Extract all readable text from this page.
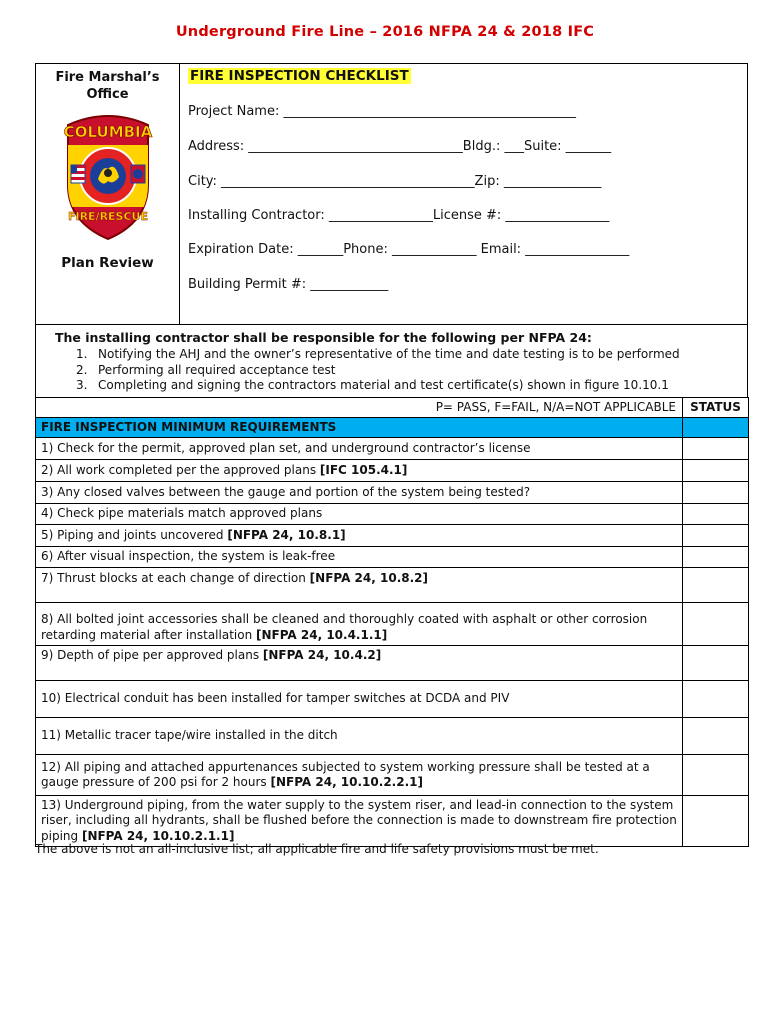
Underground Fire Line – 2016 NFPA 24 & 2018 IFC
Fire Marshal’s
Office
COLUMBIA
FIRE/RESCUE
Plan Review
FIRE INSPECTION CHECKLIST
Project Name: _____________________________________________
Address: _________________________________Bldg.: ___Suite: _______
City: _______________________________________Zip: _______________
Installing Contractor: ________________License #: ________________
Expiration Date: _______Phone: _____________ Email: ________________
Building Permit #: ____________
The installing contractor shall be responsible for the following per NFPA 24:
1. Notifying the AHJ and the owner’s representative of the time and date testing is to be performed
2. Performing all required acceptance test
3. Completing and signing the contractors material and test certificate(s) shown in figure 10.10.1
P= PASS, F=FAIL, N/A=NOT APPLICABLE	STATUS
FIRE INSPECTION MINIMUM REQUIREMENTS	
1) Check for the permit, approved plan set, and underground contractor’s license	
2) All work completed per the approved plans [IFC 105.4.1]	
3) Any closed valves between the gauge and portion of the system being tested?	
4) Check pipe materials match approved plans	
5) Piping and joints uncovered [NFPA 24, 10.8.1]	
6) After visual inspection, the system is leak-free	
7) Thrust blocks at each change of direction [NFPA 24, 10.8.2]	
8) All bolted joint accessories shall be cleaned and thoroughly coated with asphalt or other corrosion retarding material after installation [NFPA 24, 10.4.1.1]	
9) Depth of pipe per approved plans [NFPA 24, 10.4.2]	
10) Electrical conduit has been installed for tamper switches at DCDA and PIV	
11) Metallic tracer tape/wire installed in the ditch	
12) All piping and attached appurtenances subjected to system working pressure shall be tested at a gauge pressure of 200 psi for 2 hours [NFPA 24, 10.10.2.2.1]	
13) Underground piping, from the water supply to the system riser, and lead-in connection to the system riser, including all hydrants, shall be flushed before the connection is made to downstream fire protection piping [NFPA 24, 10.10.2.1.1]	
The above is not an all-inclusive list; all applicable fire and life safety provisions must be met.
